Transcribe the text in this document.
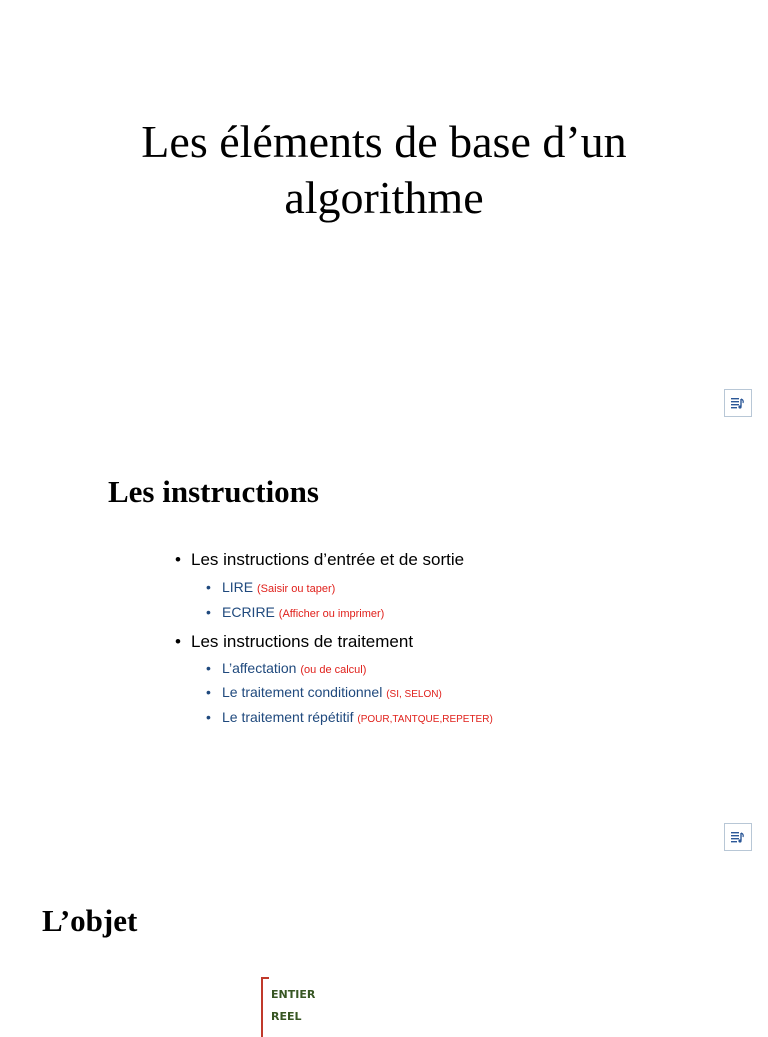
Les éléments de base d’un
algorithme
Les instructions
• Les instructions d’entrée et de sortie
• LIRE (Saisir ou taper)
• ECRIRE (Afficher ou imprimer)
• Les instructions de traitement
• L’affectation (ou de calcul)
• Le traitement conditionnel (SI, SELON)
• Le traitement répétitif (POUR,TANTQUE,REPETER)
L’objet
ENTIER
REEL
